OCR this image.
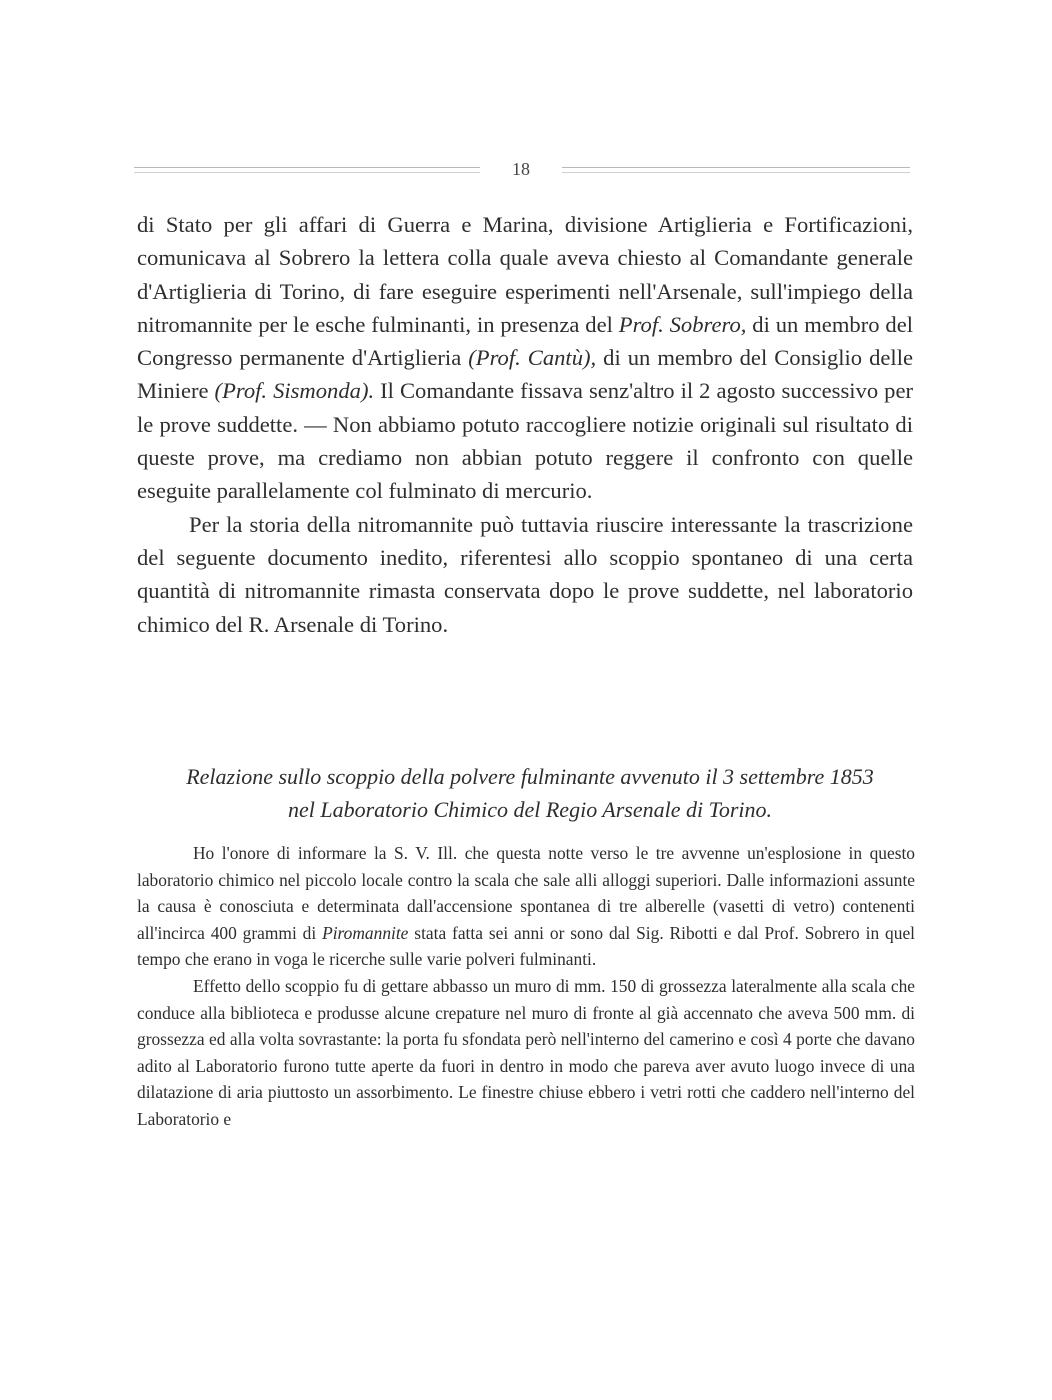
18

di Stato per gli affari di Guerra e Marina, divisione Artiglieria e Fortificazioni, comunicava al Sobrero la lettera colla quale aveva chiesto al Comandante generale d'Artiglieria di Torino, di fare eseguire esperimenti nell'Arsenale, sull'impiego della nitromannite per le esche fulminanti, in presenza del Prof. Sobrero, di un membro del Congresso permanente d'Artiglieria (Prof. Cantù), di un membro del Consiglio delle Miniere (Prof. Sismonda). Il Comandante fissava senz'altro il 2 agosto successivo per le prove suddette. — Non abbiamo potuto raccogliere notizie originali sul risultato di queste prove, ma crediamo non abbian potuto reggere il confronto con quelle eseguite parallelamente col fulminato di mercurio.

Per la storia della nitromannite può tuttavia riuscire interessante la trascrizione del seguente documento inedito, riferentesi allo scoppio spontaneo di una certa quantità di nitromannite rimasta conservata dopo le prove suddette, nel laboratorio chimico del R. Arsenale di Torino.

Relazione sullo scoppio della polvere fulminante avvenuto il 3 settembre 1853

nel Laboratorio Chimico del Regio Arsenale di Torino.

Ho l'onore di informare la S. V. Ill. che questa notte verso le tre avvenne un'esplosione in questo laboratorio chimico nel piccolo locale contro la scala che sale alli alloggi superiori. Dalle informazioni assunte la causa è conosciuta e determinata dall'accensione spontanea di tre alberelle (vasetti di vetro) contenenti all'incirca 400 grammi di Piromannite stata fatta sei anni or sono dal Sig. Ribotti e dal Prof. Sobrero in quel tempo che erano in voga le ricerche sulle varie polveri fulminanti.

Effetto dello scoppio fu di gettare abbasso un muro di mm. 150 di grossezza lateralmente alla scala che conduce alla biblioteca e produsse alcune crepature nel muro di fronte al già accennato che aveva 500 mm. di grossezza ed alla volta sovrastante: la porta fu sfondata però nell'interno del camerino e così 4 porte che davano adito al Laboratorio furono tutte aperte da fuori in dentro in modo che pareva aver avuto luogo invece di una dilatazione di aria piuttosto un assorbimento. Le finestre chiuse ebbero i vetri rotti che caddero nell'interno del Laboratorio e
